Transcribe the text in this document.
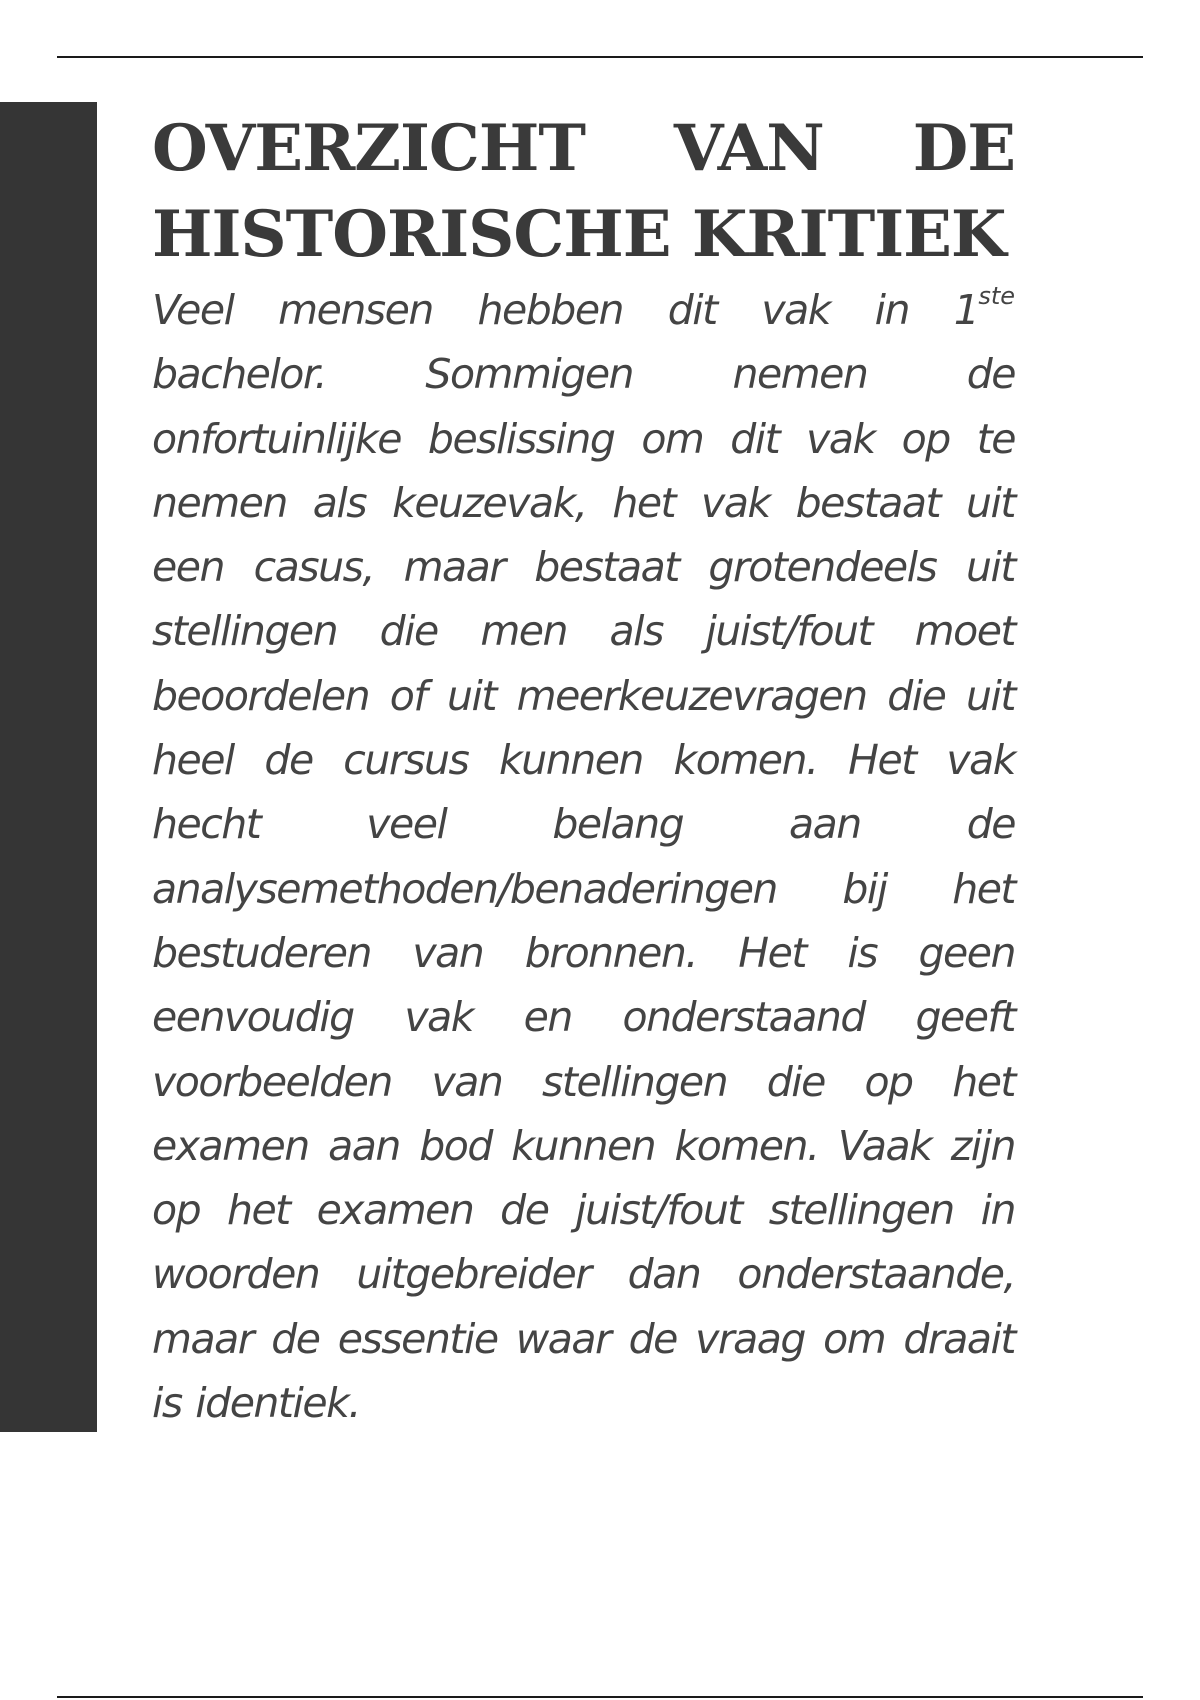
OVERZICHT VAN DE HISTORISCHE KRITIEK

Veel mensen hebben dit vak in 1ste bachelor. Sommigen nemen de onfortuinlijke beslissing om dit vak op te nemen als keuzevak, het vak bestaat uit een casus, maar bestaat grotendeels uit stellingen die men als juist/fout moet beoordelen of uit meerkeuzevragen die uit heel de cursus kunnen komen. Het vak hecht veel belang aan de analysemethoden/benaderingen bij het bestuderen van bronnen. Het is geen eenvoudig vak en onderstaand geeft voorbeelden van stellingen die op het examen aan bod kunnen komen. Vaak zijn op het examen de juist/fout stellingen in woorden uitgebreider dan onderstaande, maar de essentie waar de vraag om draait is identiek.
